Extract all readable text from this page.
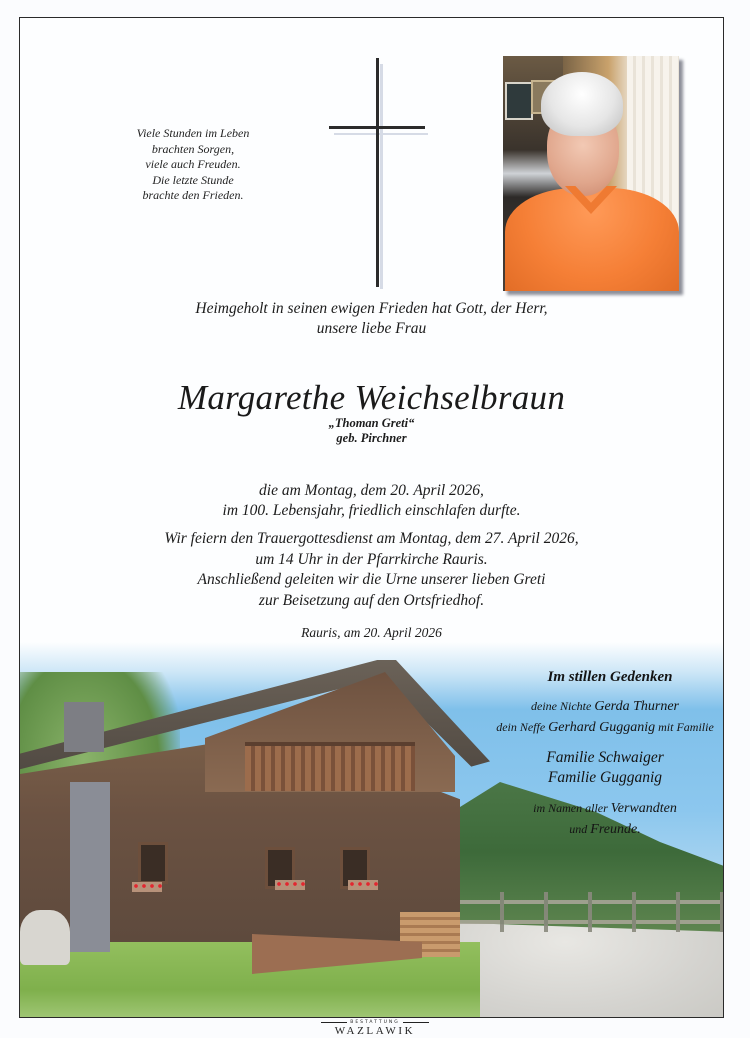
Viele Stunden im Leben
brachten Sorgen,
viele auch Freuden.
Die letzte Stunde
brachte den Frieden.
Heimgeholt in seinen ewigen Frieden hat Gott, der Herr,
unsere liebe Frau
Margarethe Weichselbraun
„Thoman Greti“
geb. Pirchner
die am Montag, dem 20. April 2026,
im 100. Lebensjahr, friedlich einschlafen durfte.
Wir feiern den Trauergottesdienst am Montag, dem 27. April 2026,
um 14 Uhr in der Pfarrkirche Rauris.
Anschließend geleiten wir die Urne unserer lieben Greti
zur Beisetzung auf den Ortsfriedhof.
Rauris, am 20. April 2026
Im stillen Gedenken
deine Nichte Gerda Thurner
dein Neffe Gerhard Gugganig mit Familie
Familie Schwaiger
Familie Gugganig
im Namen aller Verwandten
und Freunde.
BESTATTUNG
WAZLAWIK
